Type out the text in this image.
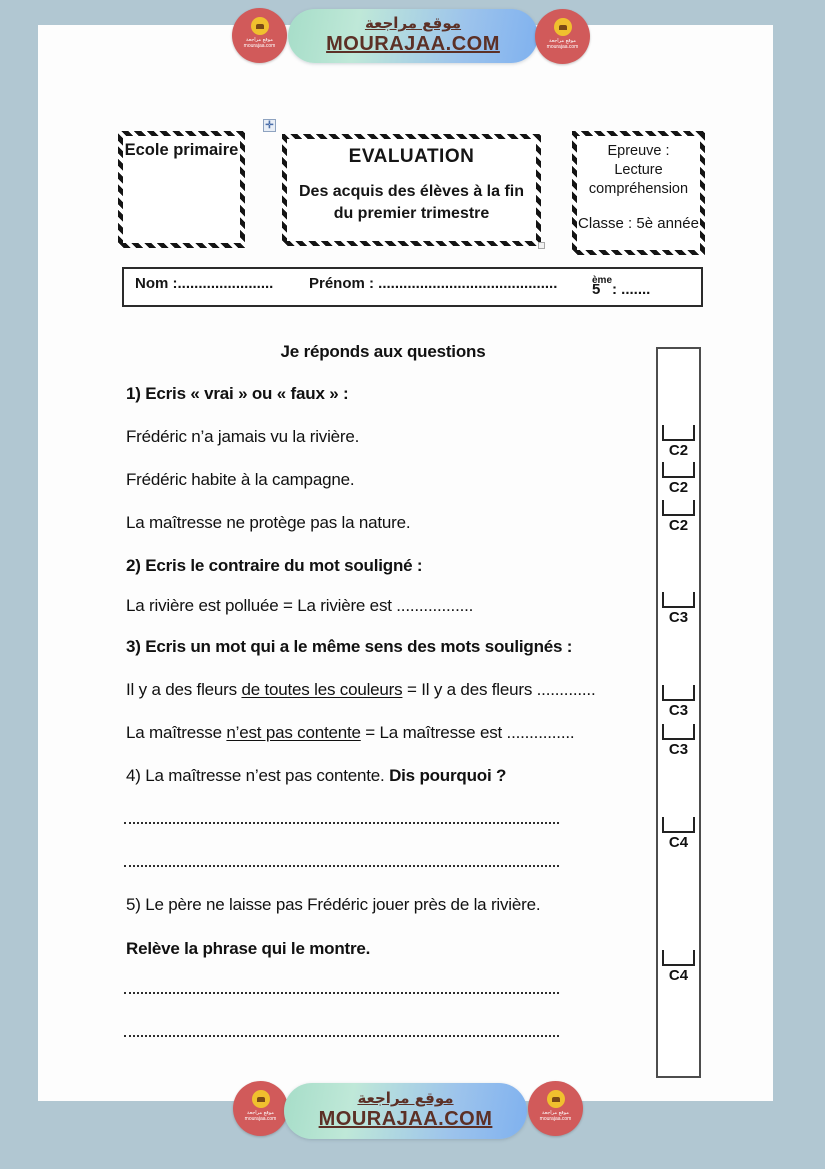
موقع مراجعة
mourajaa.com
موقع مراجعة
MOURAJAA.COM	موقع مراجعة
mourajaa.com
✛
Ecole primaire	EVALUATION
Des acquis des élèves à la fin du premier trimestre
Epreuve :
Lecture
compréhension
Classe : 5è année
Nom :....................... Prénom : ........................................... 5
$^{ème}$
: .......
Je réponds aux questions
1) Ecris « vrai » ou « faux » :
Frédéric n’a jamais vu la rivière.
Frédéric habite à la campagne.
La maîtresse ne protège pas la nature.
2) Ecris le contraire du mot souligné :
La rivière est polluée = La rivière est .................
3) Ecris un mot qui a le même sens des mots soulignés :
Il y a des fleurs de toutes les couleurs = Il y a des fleurs .............
La maîtresse n’est pas contente = La maîtresse est ...............
4) La maîtresse n’est pas contente. Dis pourquoi ?
5) Le père ne laisse pas Frédéric jouer près de la rivière.
Relève la phrase qui le montre.
C2
C2
C2
C3
C3
C3
C4
C4
موقع مراجعة
mourajaa.com
موقع مراجعة
MOURAJAA.COM	موقع مراجعة
mourajaa.com
